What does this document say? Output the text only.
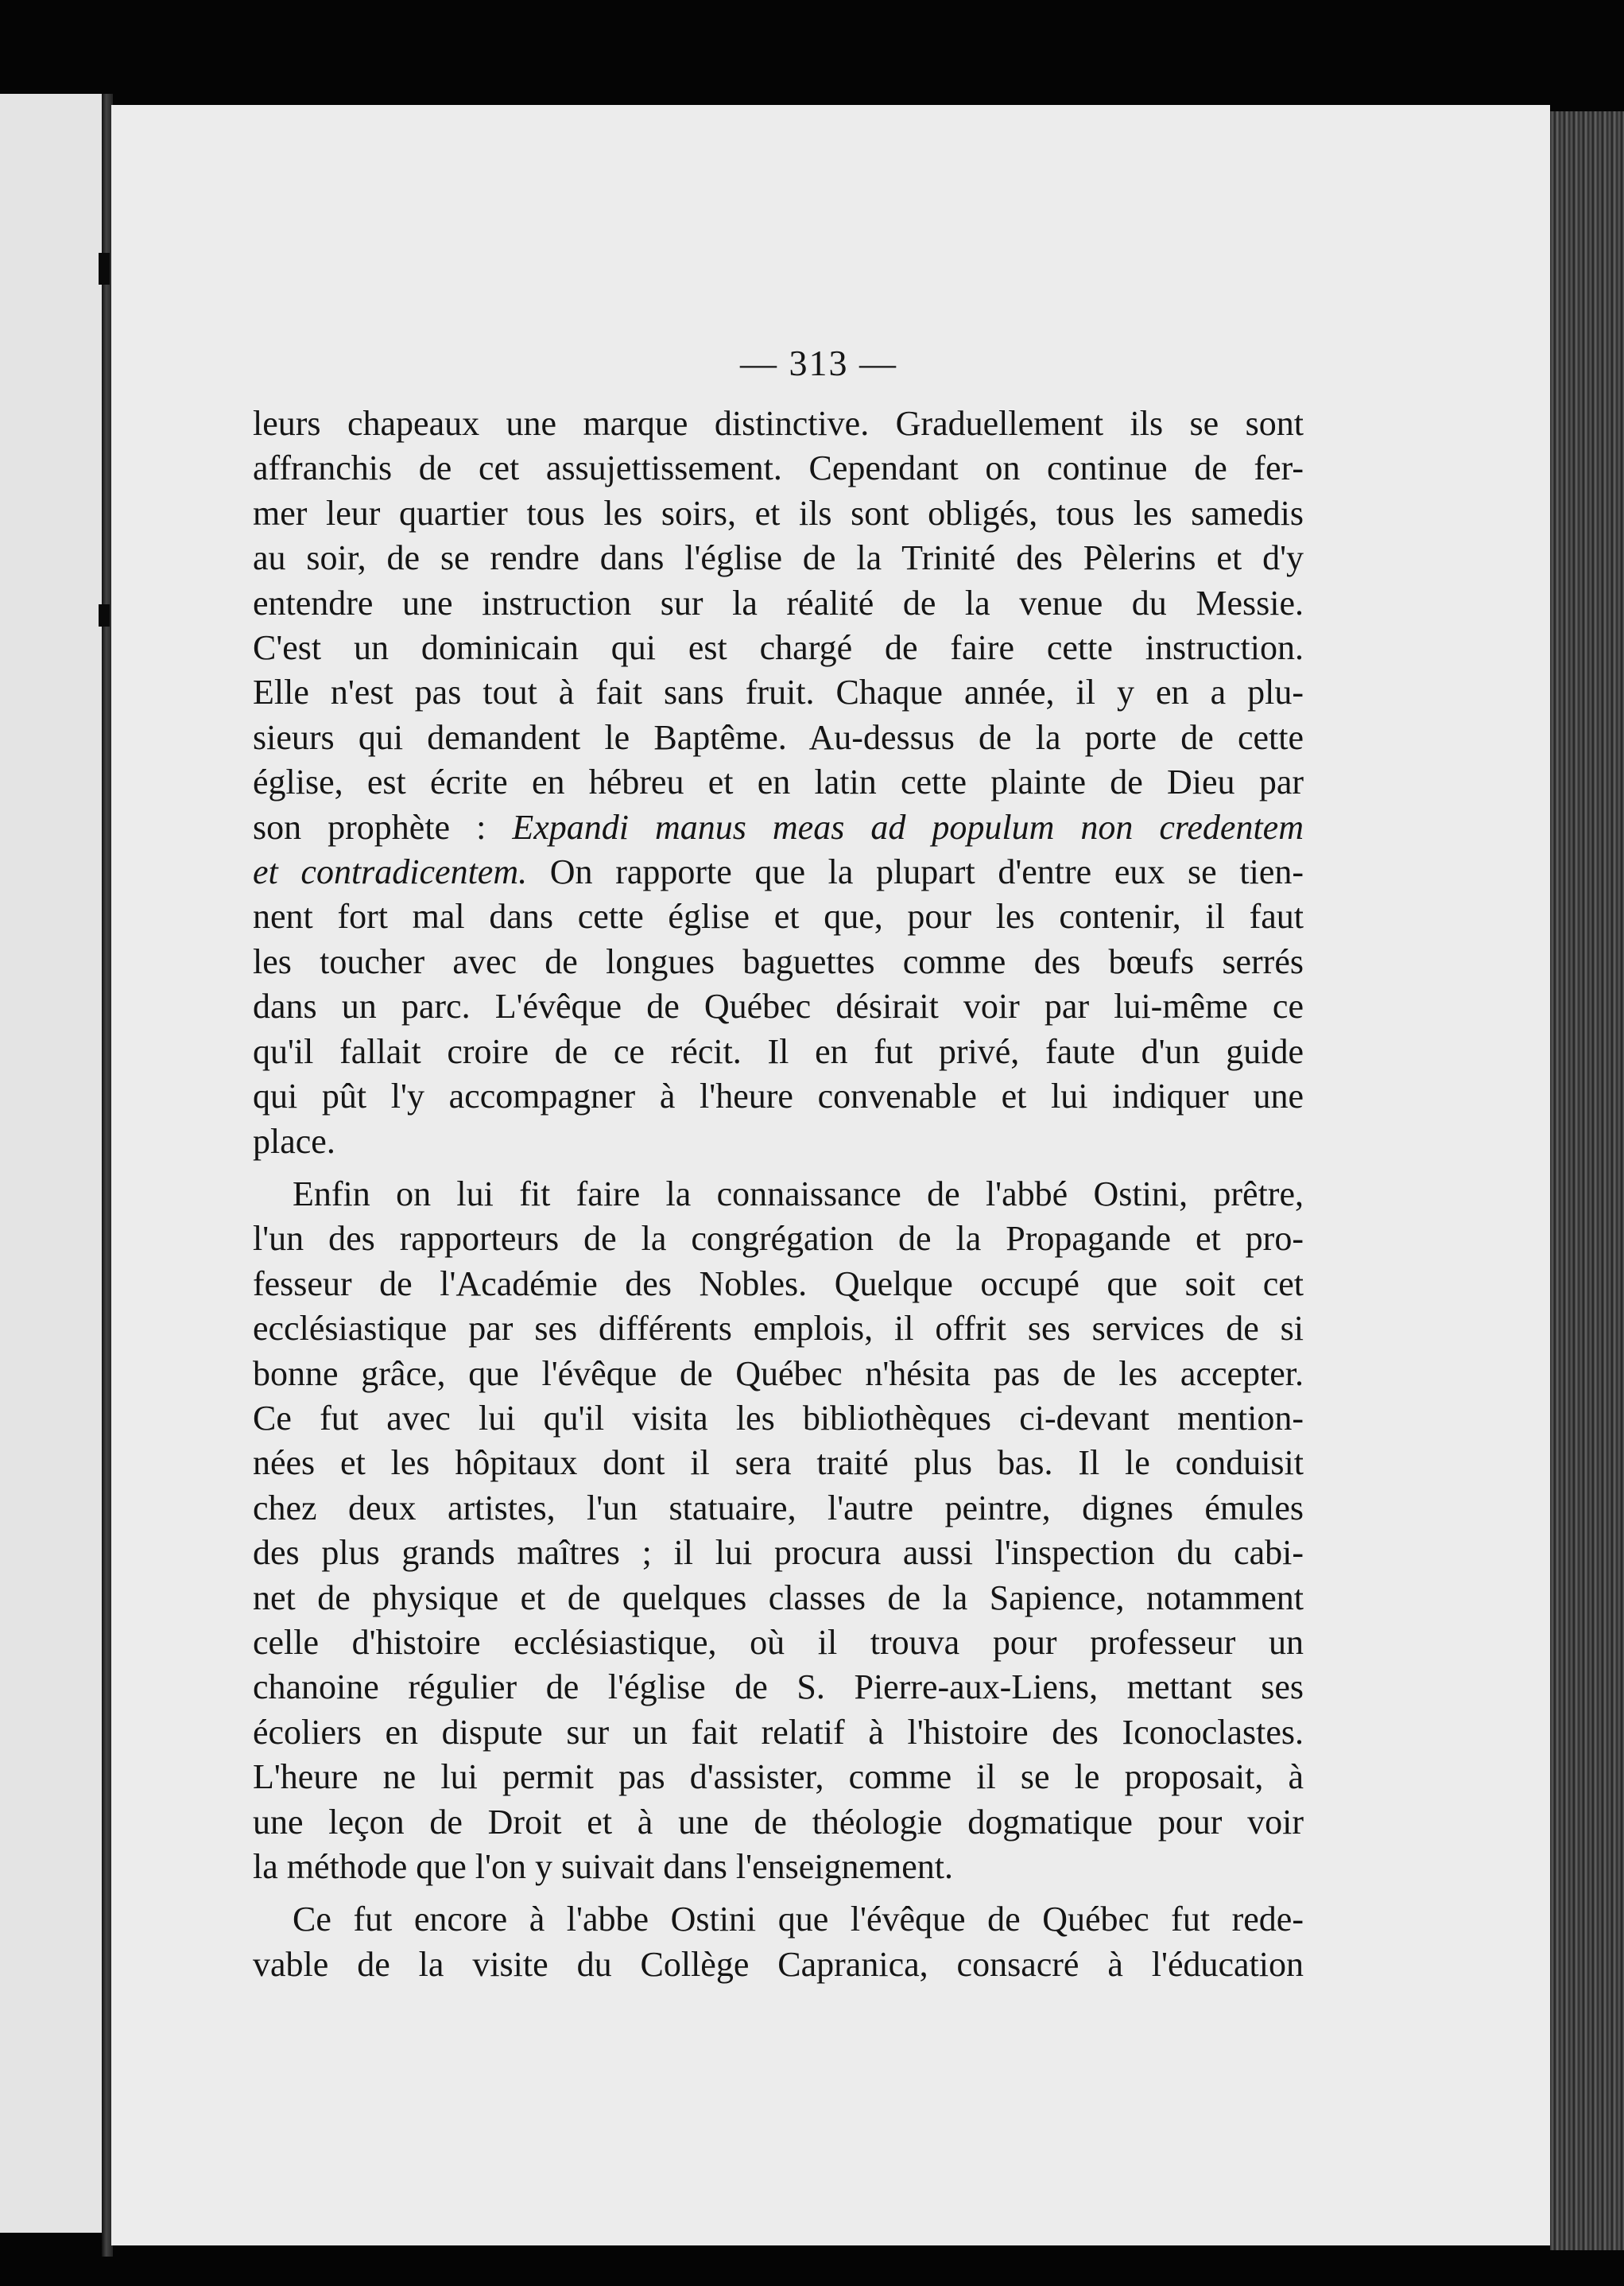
— 313 —
leurs chapeaux une marque distinctive. Graduellement ils se sont
affranchis de cet assujettissement. Cependant on continue de fer-
mer leur quartier tous les soirs, et ils sont obligés, tous les samedis
au soir, de se rendre dans l'église de la Trinité des Pèlerins et d'y
entendre une instruction sur la réalité de la venue du Messie.
C'est un dominicain qui est chargé de faire cette instruction.
Elle n'est pas tout à fait sans fruit. Chaque année, il y en a plu-
sieurs qui demandent le Baptême. Au-dessus de la porte de cette
église, est écrite en hébreu et en latin cette plainte de Dieu par
son prophète : Expandi manus meas ad populum non credentem
et contradicentem. On rapporte que la plupart d'entre eux se tien-
nent fort mal dans cette église et que, pour les contenir, il faut
les toucher avec de longues baguettes comme des bœufs serrés
dans un parc. L'évêque de Québec désirait voir par lui-même ce
qu'il fallait croire de ce récit. Il en fut privé, faute d'un guide
qui pût l'y accompagner à l'heure convenable et lui indiquer une
place.
Enfin on lui fit faire la connaissance de l'abbé Ostini, prêtre,
l'un des rapporteurs de la congrégation de la Propagande et pro-
fesseur de l'Académie des Nobles. Quelque occupé que soit cet
ecclésiastique par ses différents emplois, il offrit ses services de si
bonne grâce, que l'évêque de Québec n'hésita pas de les accepter.
Ce fut avec lui qu'il visita les bibliothèques ci-devant mention-
nées et les hôpitaux dont il sera traité plus bas. Il le conduisit
chez deux artistes, l'un statuaire, l'autre peintre, dignes émules
des plus grands maîtres ; il lui procura aussi l'inspection du cabi-
net de physique et de quelques classes de la Sapience, notamment
celle d'histoire ecclésiastique, où il trouva pour professeur un
chanoine régulier de l'église de S. Pierre-aux-Liens, mettant ses
écoliers en dispute sur un fait relatif à l'histoire des Iconoclastes.
L'heure ne lui permit pas d'assister, comme il se le proposait, à
une leçon de Droit et à une de théologie dogmatique pour voir
la méthode que l'on y suivait dans l'enseignement.
Ce fut encore à l'abbe Ostini que l'évêque de Québec fut rede-
vable de la visite du Collège Capranica, consacré à l'éducation
